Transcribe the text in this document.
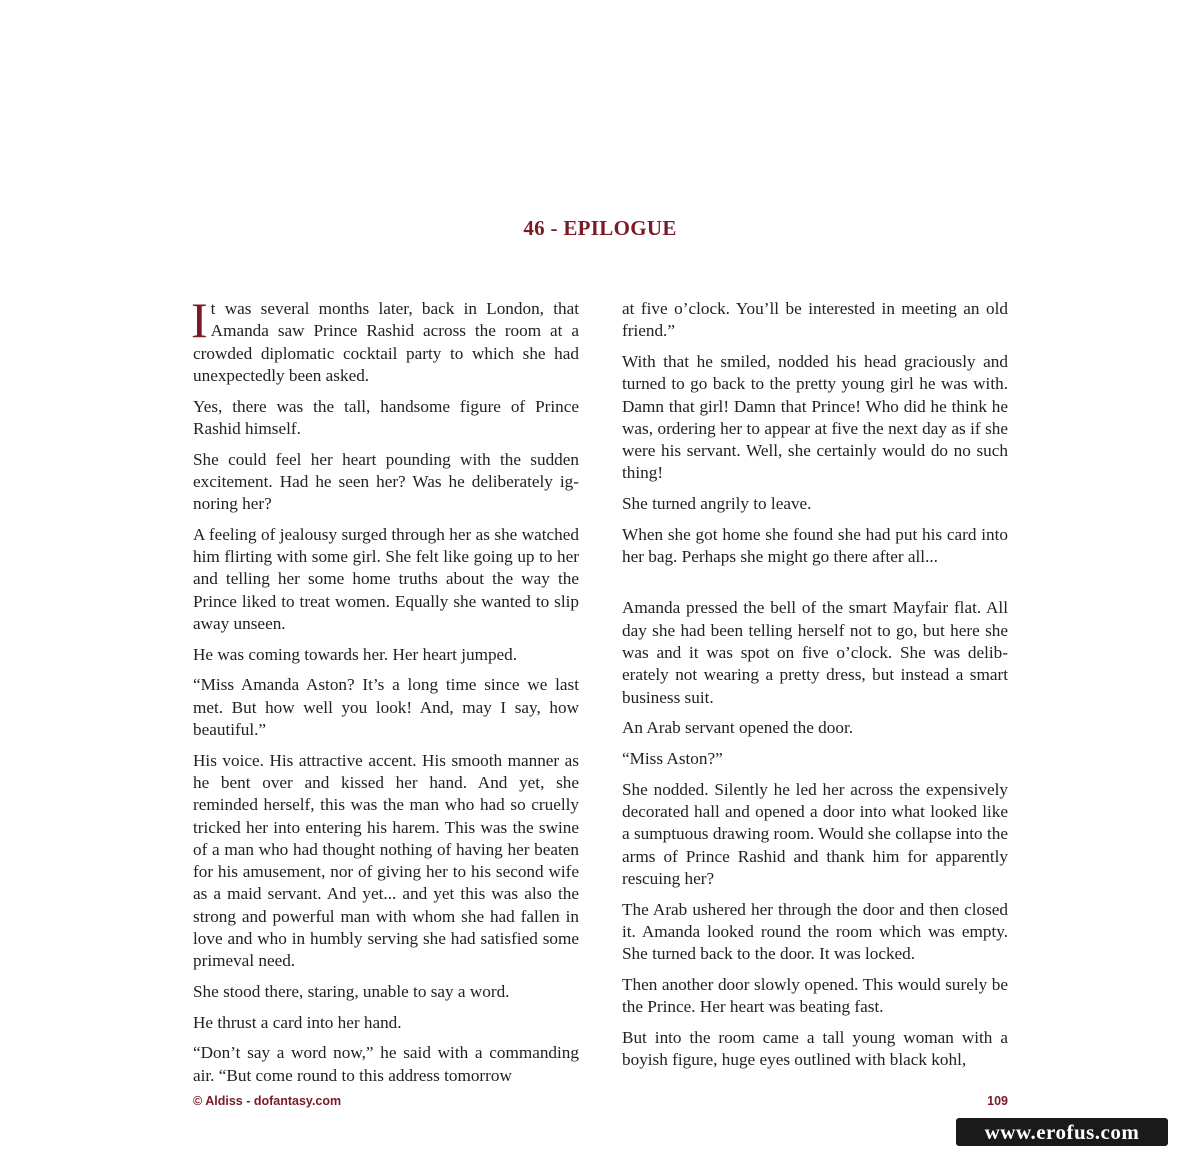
46 - EPILOGUE

It was several months later, back in London, that Amanda saw Prince Rashid across the room at a crowded diplomatic cocktail party to which she had unexpectedly been asked.

Yes, there was the tall, handsome figure of Prince Rashid himself.

She could feel her heart pounding with the sudden excitement. Had he seen her? Was he deliberately ignoring her?

A feeling of jealousy surged through her as she watched him flirting with some girl. She felt like going up to her and telling her some home truths about the way the Prince liked to treat women. Equally she wanted to slip away unseen.

He was coming towards her. Her heart jumped.

“Miss Amanda Aston? It’s a long time since we last met. But how well you look! And, may I say, how beautiful.”

His voice. His attractive accent. His smooth manner as he bent over and kissed her hand. And yet, she reminded herself, this was the man who had so cruelly tricked her into entering his harem. This was the swine of a man who had thought nothing of having her beaten for his amusement, nor of giving her to his second wife as a maid servant. And yet... and yet this was also the strong and powerful man with whom she had fallen in love and who in humbly serving she had satisfied some primeval need.

She stood there, staring, unable to say a word.

He thrust a card into her hand.

“Don’t say a word now,” he said with a commanding air. “But come round to this address tomorrow

at five o’clock. You’ll be interested in meeting an old friend.”

With that he smiled, nodded his head graciously and turned to go back to the pretty young girl he was with. Damn that girl! Damn that Prince! Who did he think he was, ordering her to appear at five the next day as if she were his servant. Well, she certainly would do no such thing!

She turned angrily to leave.

When she got home she found she had put his card into her bag. Perhaps she might go there after all...

Amanda pressed the bell of the smart Mayfair flat. All day she had been telling herself not to go, but here she was and it was spot on five o’clock. She was deliberately not wearing a pretty dress, but instead a smart business suit.

An Arab servant opened the door.

“Miss Aston?”

She nodded. Silently he led her across the expensively decorated hall and opened a door into what looked like a sumptuous drawing room. Would she collapse into the arms of Prince Rashid and thank him for apparently rescuing her?

The Arab ushered her through the door and then closed it. Amanda looked round the room which was empty. She turned back to the door. It was locked.

Then another door slowly opened. This would surely be the Prince. Her heart was beating fast.

But into the room came a tall young woman with a boyish figure, huge eyes outlined with black kohl,

© Aldiss - dofantasy.com	109
www.erofus.com
